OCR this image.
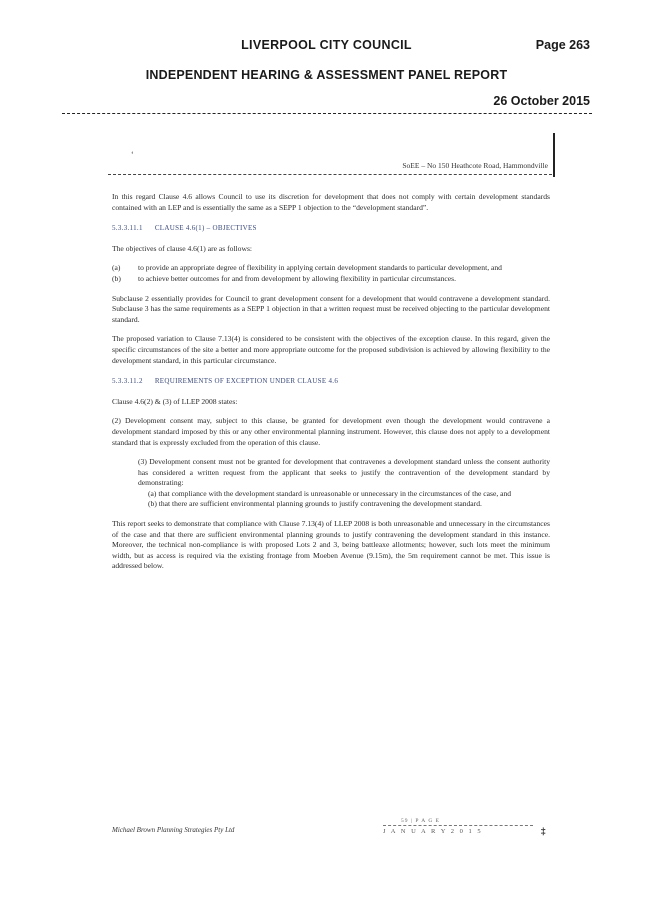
LIVERPOOL CITY COUNCIL	Page 263
INDEPENDENT HEARING & ASSESSMENT PANEL REPORT
26 October 2015
‘
SoEE – No 150 Heathcote Road, Hammondville

In this regard Clause 4.6 allows Council to use its discretion for development that does not comply with certain development standards contained with an LEP and is essentially the same as a SEPP 1 objection to the “development standard”.

5.3.3.11.1 CLAUSE 4.6(1) – OBJECTIVES

The objectives of clause 4.6(1) are as follows:

(a)	to provide an appropriate degree of flexibility in applying certain development standards to particular development, and
(b)	to achieve better outcomes for and from development by allowing flexibility in particular circumstances.

Subclause 2 essentially provides for Council to grant development consent for a development that would contravene a development standard. Subclause 3 has the same requirements as a SEPP 1 objection in that a written request must be received objecting to the particular development standard.

The proposed variation to Clause 7.13(4) is considered to be consistent with the objectives of the exception clause. In this regard, given the specific circumstances of the site a better and more appropriate outcome for the proposed subdivision is achieved by allowing flexibility to the development standard, in this particular circumstance.

5.3.3.11.2 REQUIREMENTS OF EXCEPTION UNDER CLAUSE 4.6

Clause 4.6(2) & (3) of LLEP 2008 states:

(2) Development consent may, subject to this clause, be granted for development even though the development would contravene a development standard imposed by this or any other environmental planning instrument. However, this clause does not apply to a development standard that is expressly excluded from the operation of this clause.

(3) Development consent must not be granted for development that contravenes a development standard unless the consent authority has considered a written request from the applicant that seeks to justify the contravention of the development standard by demonstrating:
(a) that compliance with the development standard is unreasonable or unnecessary in the circumstances of the case, and
(b) that there are sufficient environmental planning grounds to justify contravening the development standard.

This report seeks to demonstrate that compliance with Clause 7.13(4) of LLEP 2008 is both unreasonable and unnecessary in the circumstances of the case and that there are sufficient environmental planning grounds to justify contravening the development standard in this instance. Moreover, the technical non-compliance is with proposed Lots 2 and 3, being battleaxe allotments; however, such lots meet the minimum width, but as access is required via the existing frontage from Moeben Avenue (9.15m), the 5m requirement cannot be met. This issue is addressed below.

Michael Brown Planning Strategies Pty Ltd
59 | P A G E
J A N U A R Y 2 0 1 5	‡
